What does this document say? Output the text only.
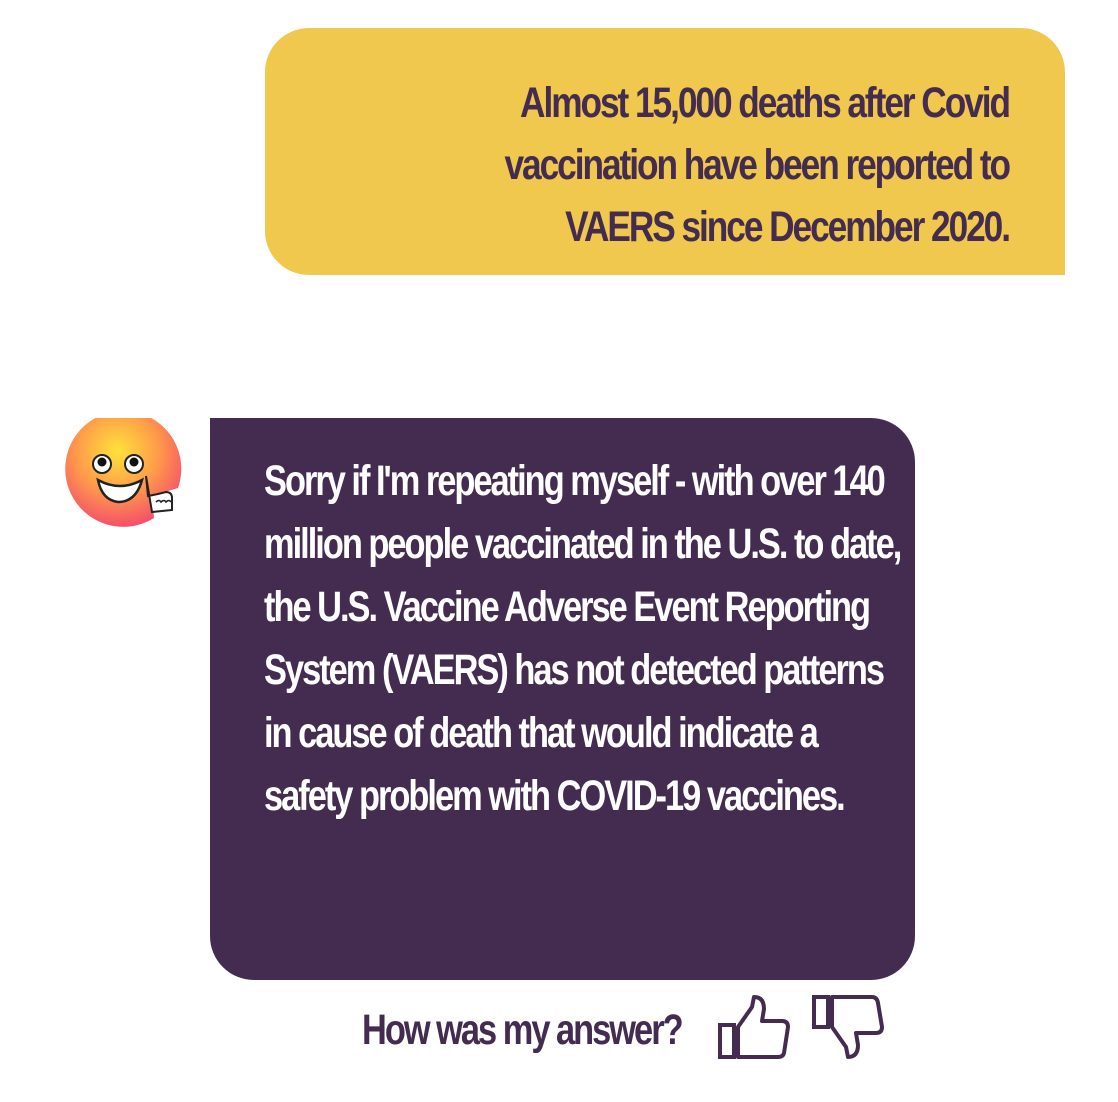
Almost 15,000 deaths after Covid vaccination have been reported to VAERS since December 2020.

Sorry if I'm repeating myself - with over 140 million people vaccinated in the U.S. to date, the U.S. Vaccine Adverse Event Reporting System (VAERS) has not detected patterns in cause of death that would indicate a safety problem with COVID-19 vaccines.

How was my answer?
